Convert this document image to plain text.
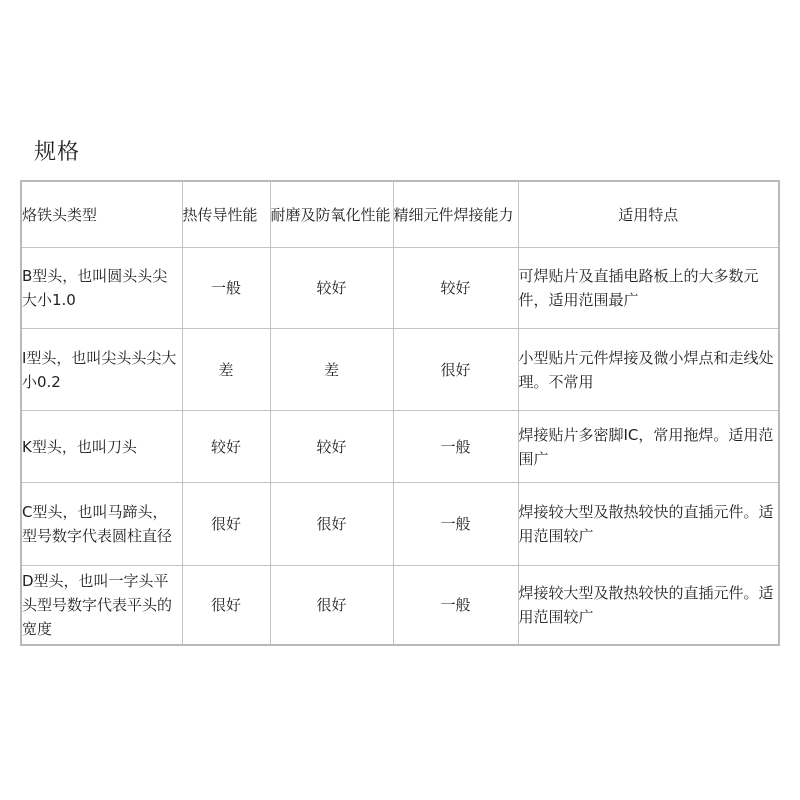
规格
烙铁头类型	热传导性能	耐磨及防氧化性能	精细元件焊接能力	适用特点
B型头，也叫圆头头尖大小1.0	一般	较好	较好	可焊贴片及直插电路板上的大多数元件，适用范围最广
I型头，也叫尖头头尖大小0.2	差	差	很好	小型贴片元件焊接及微小焊点和走线处理。不常用
K型头，也叫刀头	较好	较好	一般	焊接贴片多密脚IC，常用拖焊。适用范围广
C型头，也叫马蹄头，型号数字代表圆柱直径	很好	很好	一般	焊接较大型及散热较快的直插元件。适用范围较广
D型头，也叫一字头平头型号数字代表平头的宽度	很好	很好	一般	焊接较大型及散热较快的直插元件。适用范围较广
